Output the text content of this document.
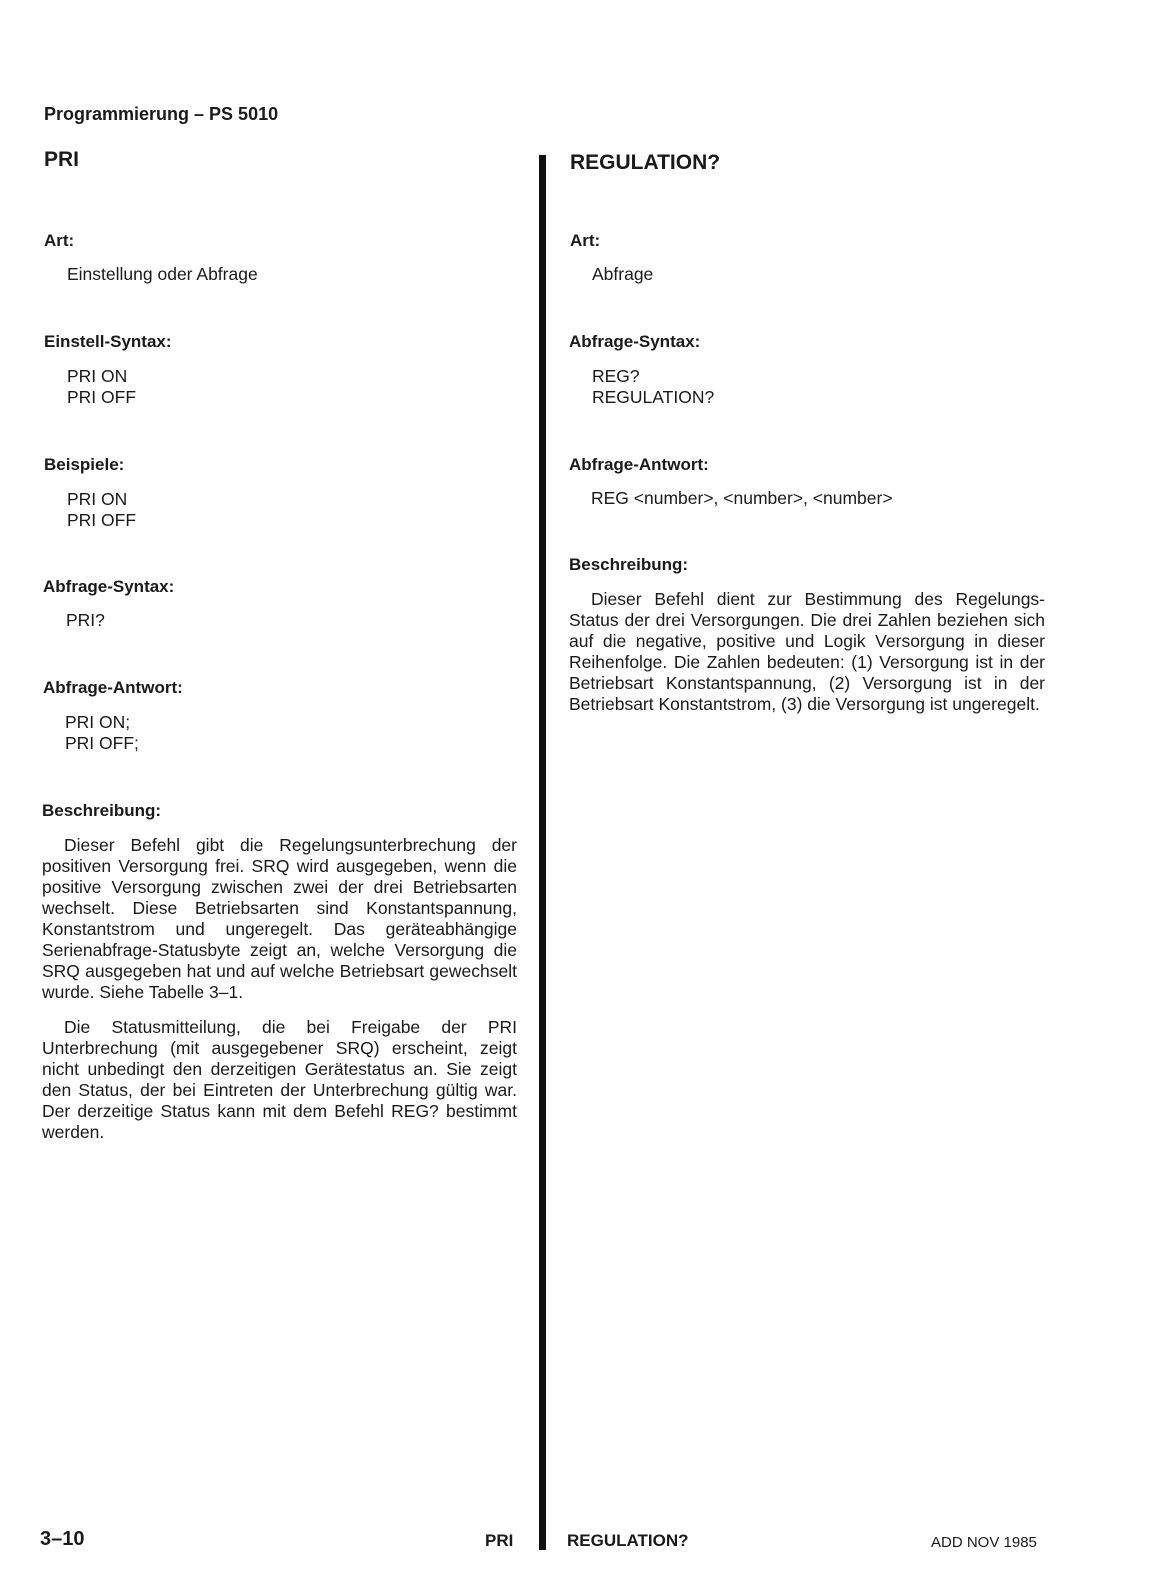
Programmierung – PS 5010
PRI
Art:
Einstellung oder Abfrage
Einstell-Syntax:
PRI ON
PRI OFF
Beispiele:
PRI ON
PRI OFF
Abfrage-Syntax:
PRI?
Abfrage-Antwort:
PRI ON;
PRI OFF;
Beschreibung:
Dieser Befehl gibt die Regelungsunterbrechung der positiven Versorgung frei. SRQ wird ausgegeben, wenn die positive Versorgung zwischen zwei der drei Betriebsarten wechselt. Diese Betriebsarten sind Konstantspannung, Konstantstrom und ungeregelt. Das geräteabhängige Serienabfrage-Statusbyte zeigt an, welche Versorgung die SRQ ausgegeben hat und auf welche Betriebsart gewechselt wurde. Siehe Tabelle 3–1.
Die Statusmitteilung, die bei Freigabe der PRI Unterbrechung (mit ausgegebener SRQ) erscheint, zeigt nicht unbedingt den derzeitigen Gerätestatus an. Sie zeigt den Status, der bei Eintreten der Unterbrechung gültig war. Der derzeitige Status kann mit dem Befehl REG? bestimmt werden.
REGULATION?
Art:
Abfrage
Abfrage-Syntax:
REG?
REGULATION?
Abfrage-Antwort:
REG <number>, <number>, <number>
Beschreibung:
Dieser Befehl dient zur Bestimmung des Regelungs-Status der drei Versorgungen. Die drei Zahlen beziehen sich auf die negative, positive und Logik Versorgung in dieser Reihenfolge. Die Zahlen bedeuten: (1) Versorgung ist in der Betriebsart Konstantspannung, (2) Versorgung ist in der Betriebsart Konstantstrom, (3) die Versorgung ist ungeregelt.
3–10	PRI	REGULATION?	ADD NOV 1985
